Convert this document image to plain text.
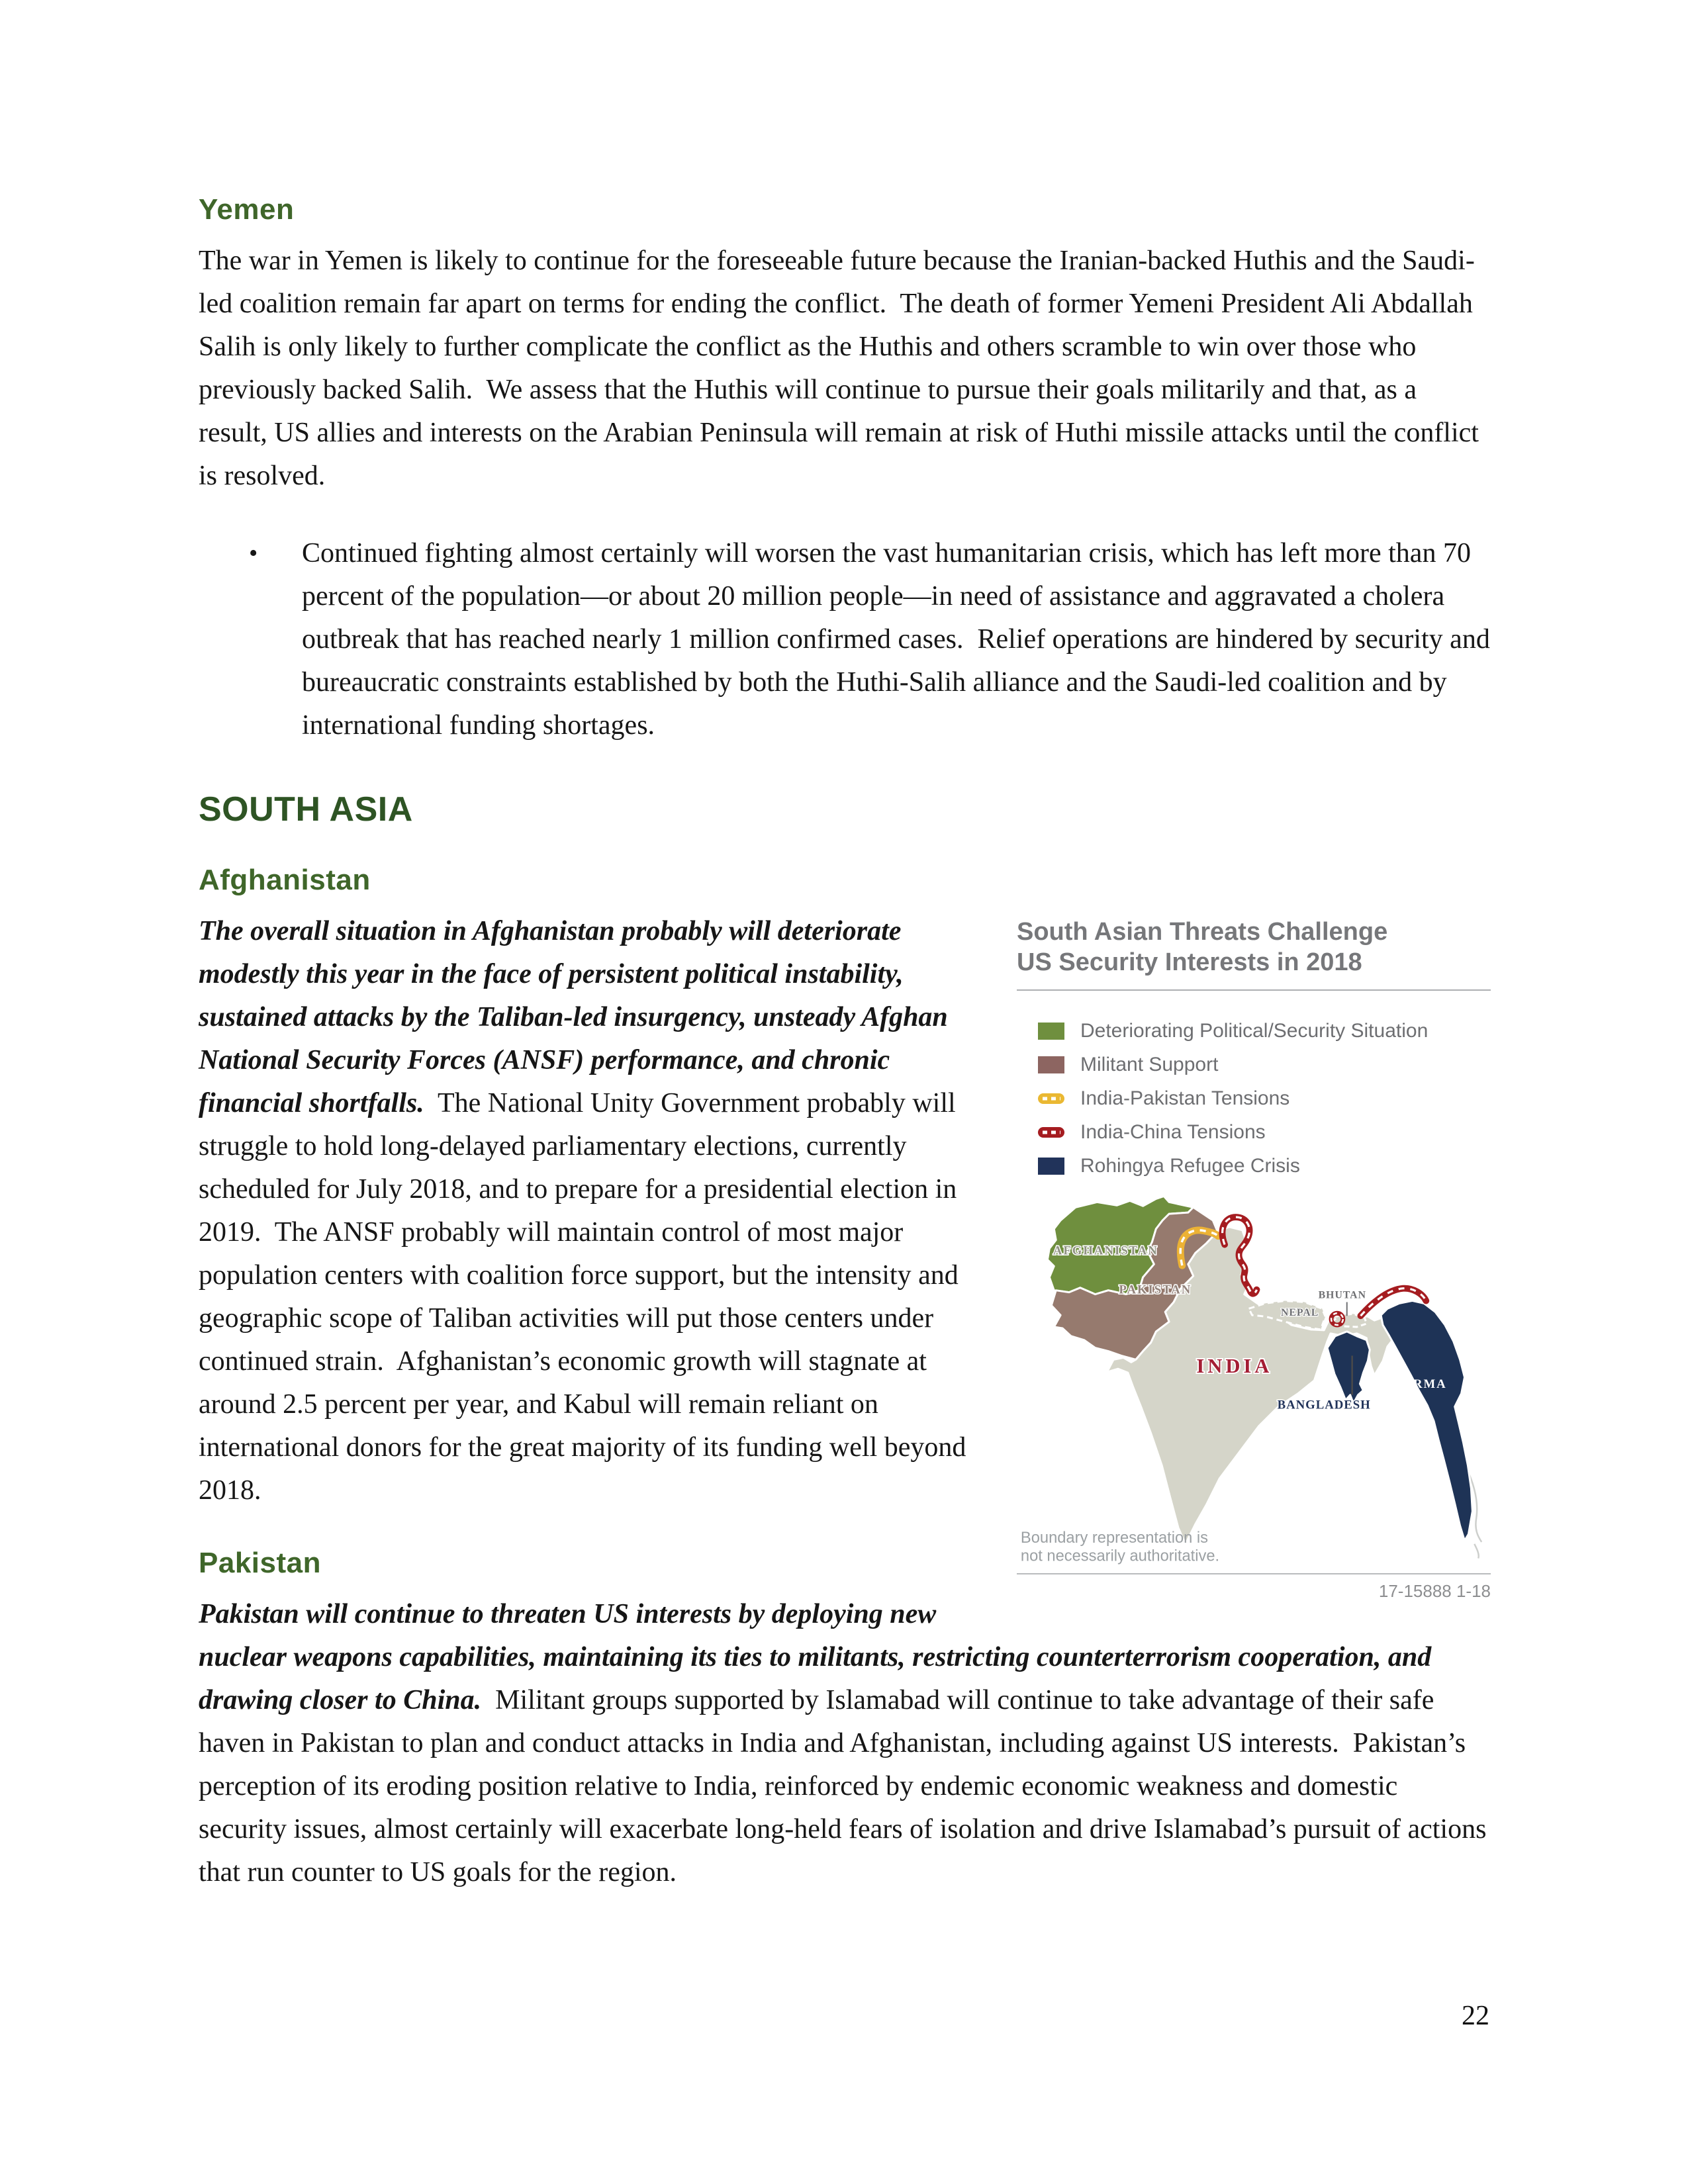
Yemen

The war in Yemen is likely to continue for the foreseeable future because the Iranian-backed Huthis and the Saudi-led coalition remain far apart on terms for ending the conflict.  The death of former Yemeni President Ali Abdallah Salih is only likely to further complicate the conflict as the Huthis and others scramble to win over those who previously backed Salih.  We assess that the Huthis will continue to pursue their goals militarily and that, as a result, US allies and interests on the Arabian Peninsula will remain at risk of Huthi missile attacks until the conflict is resolved.

•	Continued fighting almost certainly will worsen the vast humanitarian crisis, which has left more than 70 percent of the population—or about 20 million people—in need of assistance and aggravated a cholera outbreak that has reached nearly 1 million confirmed cases.  Relief operations are hindered by security and bureaucratic constraints established by both the Huthi-Salih alliance and the Saudi-led coalition and by international funding shortages.

SOUTH ASIA
Afghanistan
South Asian Threats Challenge
US Security Interests in 2018
Deteriorating Political/Security Situation
Militant Support
India-Pakistan Tensions
India-China Tensions
Rohingya Refugee Crisis
AFGHANISTAN
PAKISTAN
INDIA
NEPAL
BHUTAN
BANGLADESH
BURMA
Boundary representation is
not necessarily authoritative.
17-15888 1-18

The overall situation in Afghanistan probably will deteriorate modestly this year in the face of persistent political instability, sustained attacks by the Taliban-led insurgency, unsteady Afghan National Security Forces (ANSF) performance, and chronic financial shortfalls.  The National Unity Government probably will struggle to hold long-delayed parliamentary elections, currently scheduled for July 2018, and to prepare for a presidential election in 2019.  The ANSF probably will maintain control of most major population centers with coalition force support, but the intensity and geographic scope of Taliban activities will put those centers under continued strain.  Afghanistan’s economic growth will stagnate at around 2.5 percent per year, and Kabul will remain reliant on international donors for the great majority of its funding well beyond 2018.

Pakistan

Pakistan will continue to threaten US interests by deploying new nuclear weapons capabilities, maintaining its ties to militants, restricting counterterrorism cooperation, and drawing closer to China.  Militant groups supported by Islamabad will continue to take advantage of their safe haven in Pakistan to plan and conduct attacks in India and Afghanistan, including against US interests.  Pakistan’s perception of its eroding position relative to India, reinforced by endemic economic weakness and domestic security issues, almost certainly will exacerbate long-held fears of isolation and drive Islamabad’s pursuit of actions that run counter to US goals for the region.

22
